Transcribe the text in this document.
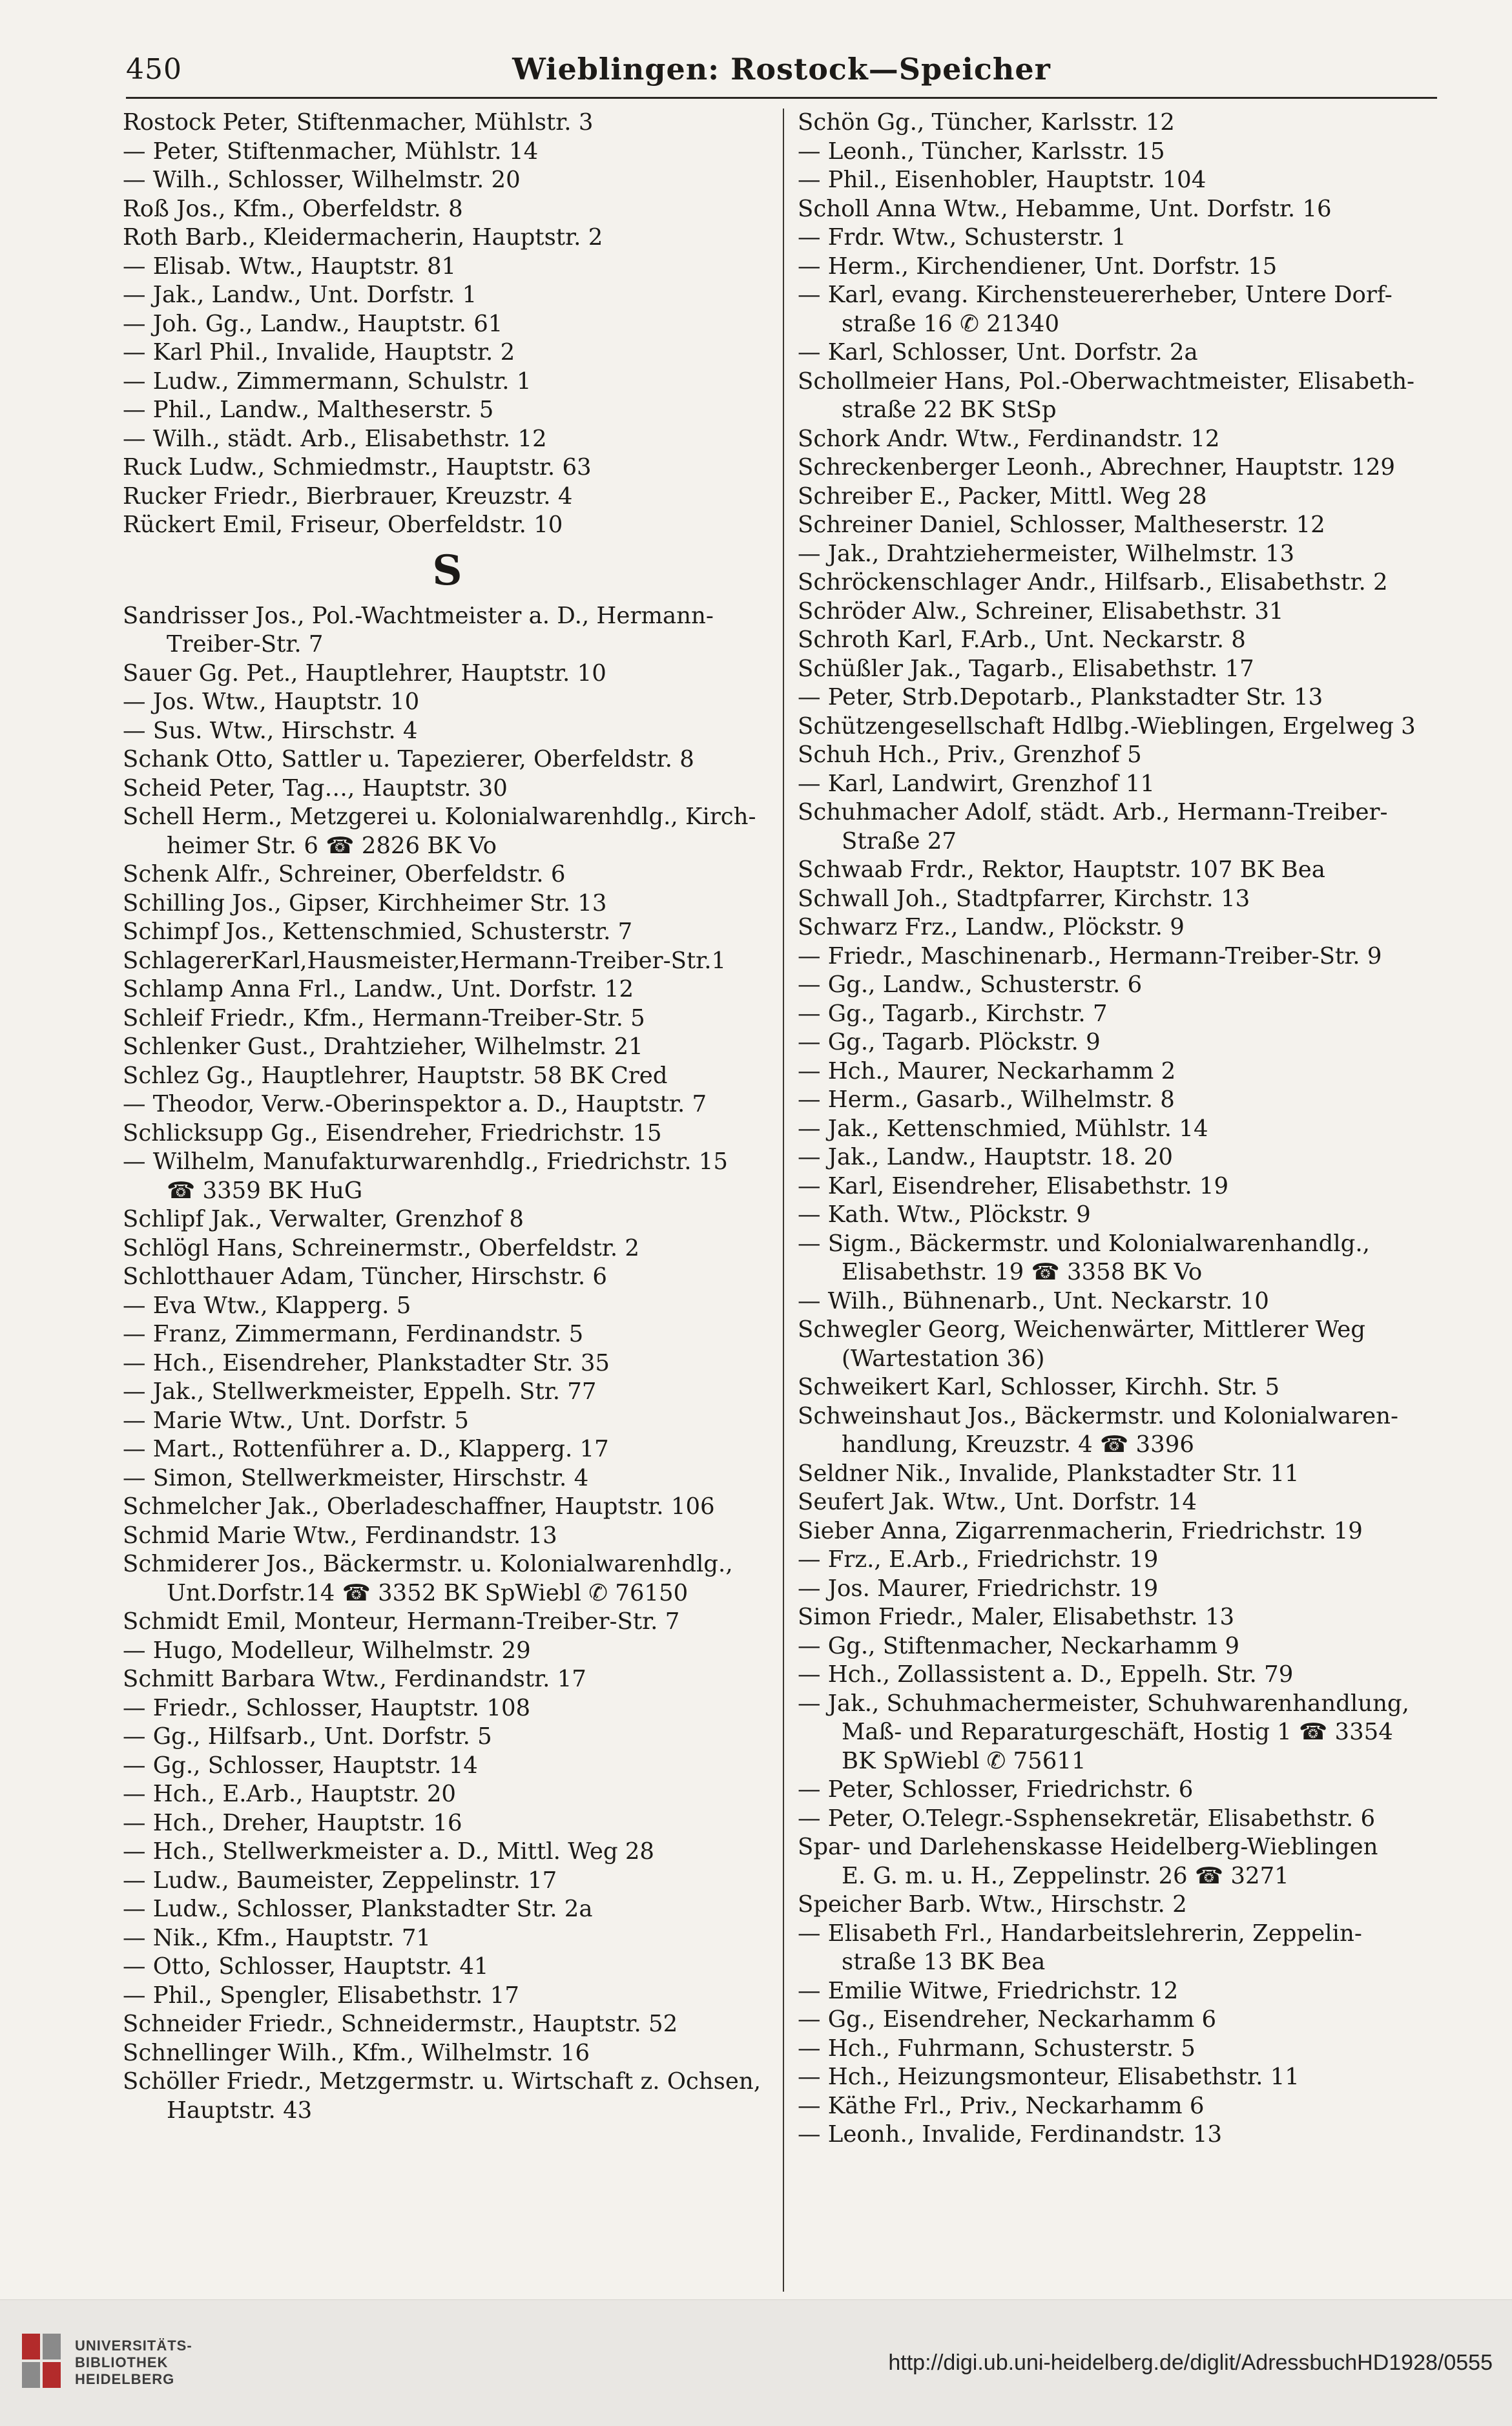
450	Wieblingen: Rostock—Speicher
Rostock Peter, Stiftenmacher, Mühlstr. 3
— Peter, Stiftenmacher, Mühlstr. 14
— Wilh., Schlosser, Wilhelmstr. 20
Roß Jos., Kfm., Oberfeldstr. 8
Roth Barb., Kleidermacherin, Hauptstr. 2
— Elisab. Wtw., Hauptstr. 81
— Jak., Landw., Unt. Dorfstr. 1
— Joh. Gg., Landw., Hauptstr. 61
— Karl Phil., Invalide, Hauptstr. 2
— Ludw., Zimmermann, Schulstr. 1
— Phil., Landw., Maltheserstr. 5
— Wilh., städt. Arb., Elisabethstr. 12
Ruck Ludw., Schmiedmstr., Hauptstr. 63
Rucker Friedr., Bierbrauer, Kreuzstr. 4
Rückert Emil, Friseur, Oberfeldstr. 10
S
Sandrisser Jos., Pol.-Wachtmeister a. D., Hermann-
Treiber-Str. 7
Sauer Gg. Pet., Hauptlehrer, Hauptstr. 10
— Jos. Wtw., Hauptstr. 10
— Sus. Wtw., Hirschstr. 4
Schank Otto, Sattler u. Tapezierer, Oberfeldstr. 8
Scheid Peter, Tag…, Hauptstr. 30
Schell Herm., Metzgerei u. Kolonialwarenhdlg., Kirch-
heimer Str. 6 ☎ 2826 BK Vo
Schenk Alfr., Schreiner, Oberfeldstr. 6
Schilling Jos., Gipser, Kirchheimer Str. 13
Schimpf Jos., Kettenschmied, Schusterstr. 7
SchlagererKarl,Hausmeister,Hermann-Treiber-Str.1
Schlamp Anna Frl., Landw., Unt. Dorfstr. 12
Schleif Friedr., Kfm., Hermann-Treiber-Str. 5
Schlenker Gust., Drahtzieher, Wilhelmstr. 21
Schlez Gg., Hauptlehrer, Hauptstr. 58 BK Cred
— Theodor, Verw.-Oberinspektor a. D., Hauptstr. 7
Schlicksupp Gg., Eisendreher, Friedrichstr. 15
— Wilhelm, Manufakturwarenhdlg., Friedrichstr. 15
☎ 3359 BK HuG
Schlipf Jak., Verwalter, Grenzhof 8
Schlögl Hans, Schreinermstr., Oberfeldstr. 2
Schlotthauer Adam, Tüncher, Hirschstr. 6
— Eva Wtw., Klapperg. 5
— Franz, Zimmermann, Ferdinandstr. 5
— Hch., Eisendreher, Plankstadter Str. 35
— Jak., Stellwerkmeister, Eppelh. Str. 77
— Marie Wtw., Unt. Dorfstr. 5
— Mart., Rottenführer a. D., Klapperg. 17
— Simon, Stellwerkmeister, Hirschstr. 4
Schmelcher Jak., Oberladeschaffner, Hauptstr. 106
Schmid Marie Wtw., Ferdinandstr. 13
Schmiderer Jos., Bäckermstr. u. Kolonialwarenhdlg.,
Unt.Dorfstr.14 ☎ 3352 BK SpWiebl ✆ 76150
Schmidt Emil, Monteur, Hermann-Treiber-Str. 7
— Hugo, Modelleur, Wilhelmstr. 29
Schmitt Barbara Wtw., Ferdinandstr. 17
— Friedr., Schlosser, Hauptstr. 108
— Gg., Hilfsarb., Unt. Dorfstr. 5
— Gg., Schlosser, Hauptstr. 14
— Hch., E.Arb., Hauptstr. 20
— Hch., Dreher, Hauptstr. 16
— Hch., Stellwerkmeister a. D., Mittl. Weg 28
— Ludw., Baumeister, Zeppelinstr. 17
— Ludw., Schlosser, Plankstadter Str. 2a
— Nik., Kfm., Hauptstr. 71
— Otto, Schlosser, Hauptstr. 41
— Phil., Spengler, Elisabethstr. 17
Schneider Friedr., Schneidermstr., Hauptstr. 52
Schnellinger Wilh., Kfm., Wilhelmstr. 16
Schöller Friedr., Metzgermstr. u. Wirtschaft z. Ochsen,
Hauptstr. 43
Schön Gg., Tüncher, Karlsstr. 12
— Leonh., Tüncher, Karlsstr. 15
— Phil., Eisenhobler, Hauptstr. 104
Scholl Anna Wtw., Hebamme, Unt. Dorfstr. 16
— Frdr. Wtw., Schusterstr. 1
— Herm., Kirchendiener, Unt. Dorfstr. 15
— Karl, evang. Kirchensteuererheber, Untere Dorf-
straße 16 ✆ 21340
— Karl, Schlosser, Unt. Dorfstr. 2a
Schollmeier Hans, Pol.-Oberwachtmeister, Elisabeth-
straße 22 BK StSp
Schork Andr. Wtw., Ferdinandstr. 12
Schreckenberger Leonh., Abrechner, Hauptstr. 129
Schreiber E., Packer, Mittl. Weg 28
Schreiner Daniel, Schlosser, Maltheserstr. 12
— Jak., Drahtziehermeister, Wilhelmstr. 13
Schröckenschlager Andr., Hilfsarb., Elisabethstr. 2
Schröder Alw., Schreiner, Elisabethstr. 31
Schroth Karl, F.Arb., Unt. Neckarstr. 8
Schüßler Jak., Tagarb., Elisabethstr. 17
— Peter, Strb.Depotarb., Plankstadter Str. 13
Schützengesellschaft Hdlbg.-Wieblingen, Ergelweg 3
Schuh Hch., Priv., Grenzhof 5
— Karl, Landwirt, Grenzhof 11
Schuhmacher Adolf, städt. Arb., Hermann-Treiber-
Straße 27
Schwaab Frdr., Rektor, Hauptstr. 107 BK Bea
Schwall Joh., Stadtpfarrer, Kirchstr. 13
Schwarz Frz., Landw., Plöckstr. 9
— Friedr., Maschinenarb., Hermann-Treiber-Str. 9
— Gg., Landw., Schusterstr. 6
— Gg., Tagarb., Kirchstr. 7
— Gg., Tagarb. Plöckstr. 9
— Hch., Maurer, Neckarhamm 2
— Herm., Gasarb., Wilhelmstr. 8
— Jak., Kettenschmied, Mühlstr. 14
— Jak., Landw., Hauptstr. 18. 20
— Karl, Eisendreher, Elisabethstr. 19
— Kath. Wtw., Plöckstr. 9
— Sigm., Bäckermstr. und Kolonialwarenhandlg.,
Elisabethstr. 19 ☎ 3358 BK Vo
— Wilh., Bühnenarb., Unt. Neckarstr. 10
Schwegler Georg, Weichenwärter, Mittlerer Weg
(Wartestation 36)
Schweikert Karl, Schlosser, Kirchh. Str. 5
Schweinshaut Jos., Bäckermstr. und Kolonialwaren-
handlung, Kreuzstr. 4 ☎ 3396
Seldner Nik., Invalide, Plankstadter Str. 11
Seufert Jak. Wtw., Unt. Dorfstr. 14
Sieber Anna, Zigarrenmacherin, Friedrichstr. 19
— Frz., E.Arb., Friedrichstr. 19
— Jos. Maurer, Friedrichstr. 19
Simon Friedr., Maler, Elisabethstr. 13
— Gg., Stiftenmacher, Neckarhamm 9
— Hch., Zollassistent a. D., Eppelh. Str. 79
— Jak., Schuhmachermeister, Schuhwarenhandlung,
Maß- und Reparaturgeschäft, Hostig 1 ☎ 3354
BK SpWiebl ✆ 75611
— Peter, Schlosser, Friedrichstr. 6
— Peter, O.Telegr.-Ssphensekretär, Elisabethstr. 6
Spar- und Darlehenskasse Heidelberg-Wieblingen
E. G. m. u. H., Zeppelinstr. 26 ☎ 3271
Speicher Barb. Wtw., Hirschstr. 2
— Elisabeth Frl., Handarbeitslehrerin, Zeppelin-
straße 13 BK Bea
— Emilie Witwe, Friedrichstr. 12
— Gg., Eisendreher, Neckarhamm 6
— Hch., Fuhrmann, Schusterstr. 5
— Hch., Heizungsmonteur, Elisabethstr. 11
— Käthe Frl., Priv., Neckarhamm 6
— Leonh., Invalide, Ferdinandstr. 13
UNIVERSITÄTS-
BIBLIOTHEK
HEIDELBERG
http://digi.ub.uni-heidelberg.de/diglit/AdressbuchHD1928/0555
